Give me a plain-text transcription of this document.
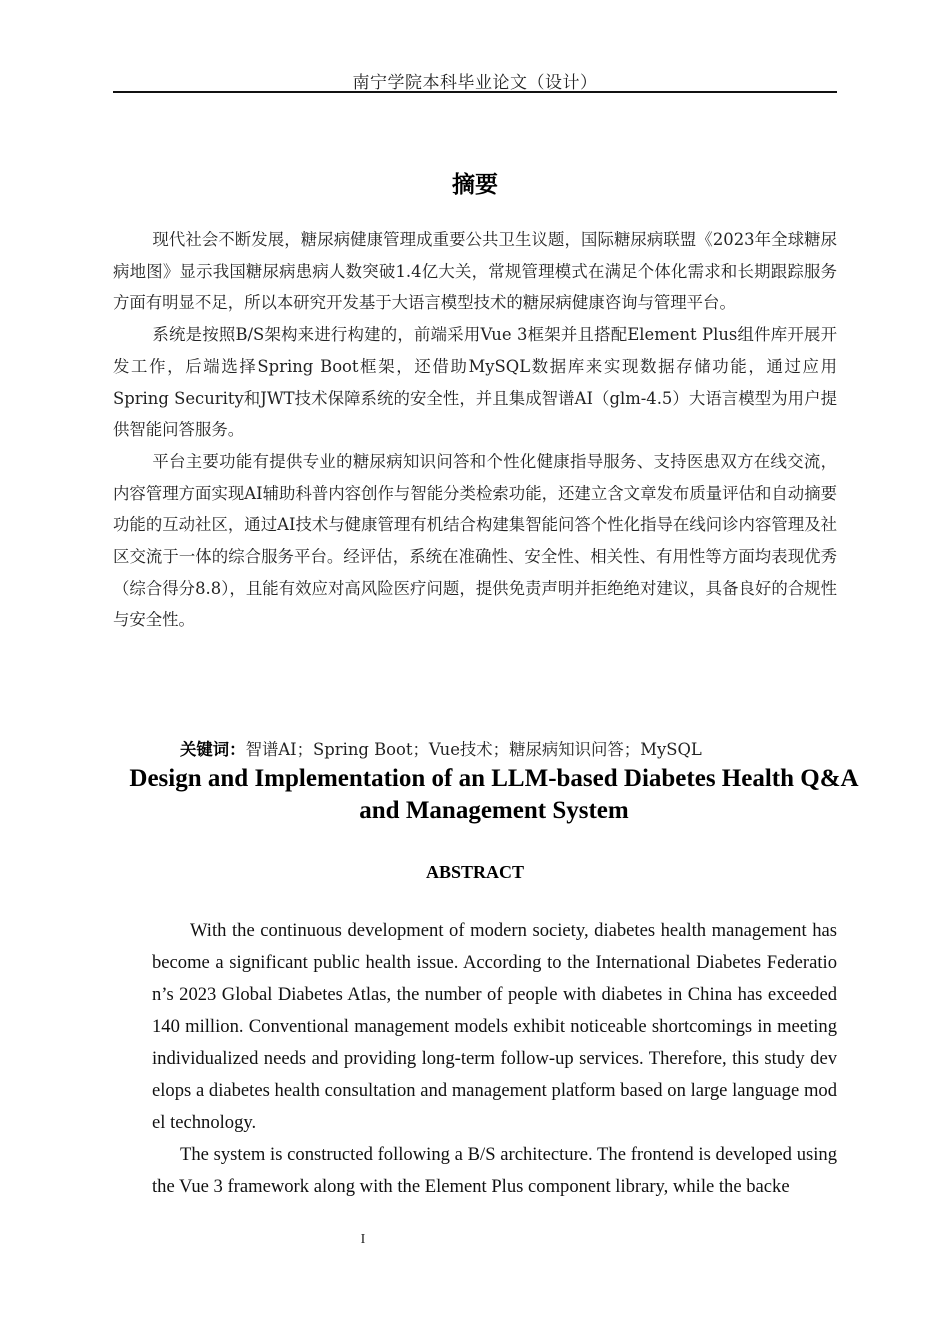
南宁学院本科毕业论文（设计）
摘要

现代社会不断发展，糖尿病健康管理成重要公共卫生议题，国际糖尿病联盟《2023年全球糖尿病地图》显示我国糖尿病患病人数突破1.4亿大关，常规管理模式在满足个体化需求和长期跟踪服务方面有明显不足，所以本研究开发基于大语言模型技术的糖尿病健康咨询与管理平台。

系统是按照B/S架构来进行构建的，前端采用Vue 3框架并且搭配Element Plus组件库开展开发工作，后端选择Spring Boot框架，还借助MySQL数据库来实现数据存储功能，通过应用Spring Security和JWT技术保障系统的安全性，并且集成智谱AI（glm-4.5）大语言模型为用户提供智能问答服务。

平台主要功能有提供专业的糖尿病知识问答和个性化健康指导服务、支持医患双方在线交流，内容管理方面实现AI辅助科普内容创作与智能分类检索功能，还建立含文章发布质量评估和自动摘要功能的互动社区，通过AI技术与健康管理有机结合构建集智能问答个性化指导在线问诊内容管理及社区交流于一体的综合服务平台。经评估，系统在准确性、安全性、相关性、有用性等方面均表现优秀（综合得分8.8），且能有效应对高风险医疗问题，提供免责声明并拒绝绝对建议，具备良好的合规性与安全性。

关键词：智谱AI；Spring Boot；Vue技术；糖尿病知识问答；MySQL
Design and Implementation of an LLM-based Diabetes Health Q&A and Management System
ABSTRACT

With the continuous development of modern society, diabetes health management has become a significant public health issue. According to the International Diabetes Federation’s 2023 Global Diabetes Atlas, the number of people with diabetes in China has exceeded 140 million. Conventional management models exhibit noticeable shortcomings in meeting individualized needs and providing long-term follow-up services. Therefore, this study develops a diabetes health consultation and management platform based on large language model technology.

The system is constructed following a B/S architecture. The frontend is developed using the Vue 3 framework along with the Element Plus component library, while the backe

I
